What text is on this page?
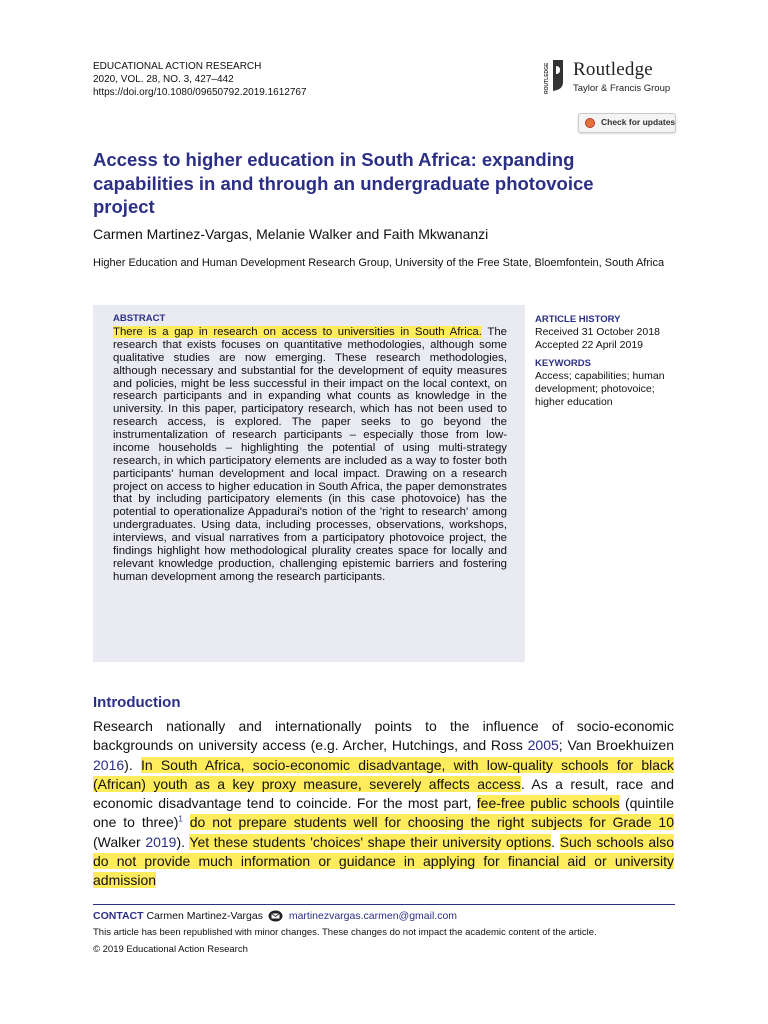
EDUCATIONAL ACTION RESEARCH
2020, VOL. 28, NO. 3, 427–442
https://doi.org/10.1080/09650792.2019.1612767	ROUTLEDGE Routledge
Taylor & Francis Group
Check for updates
Access to higher education in South Africa: expanding capabilities in and through an undergraduate photovoice project
Carmen Martinez-Vargas, Melanie Walker and Faith Mkwananzi
Higher Education and Human Development Research Group, University of the Free State, Bloemfontein, South Africa
ABSTRACT
There is a gap in research on access to universities in South Africa. The research that exists focuses on quantitative methodologies, although some qualitative studies are now emerging. These research methodologies, although necessary and substantial for the development of equity measures and policies, might be less successful in their impact on the local context, on research participants and in expanding what counts as knowledge in the university. In this paper, participatory research, which has not been used to research access, is explored. The paper seeks to go beyond the instrumentalization of research participants – especially those from low-income households – highlighting the potential of using multi-strategy research, in which participatory elements are included as a way to foster both participants' human development and local impact. Drawing on a research project on access to higher education in South Africa, the paper demonstrates that by including participatory elements (in this case photovoice) has the potential to operationalize Appadurai's notion of the 'right to research' among undergraduates. Using data, including processes, observations, workshops, interviews, and visual narratives from a participatory photovoice project, the findings highlight how methodological plurality creates space for locally and relevant knowledge production, challenging epistemic barriers and fostering human development among the research participants.
ARTICLE HISTORY
Received 31 October 2018
Accepted 22 April 2019
KEYWORDS
Access; capabilities; human development; photovoice; higher education
Introduction
Research nationally and internationally points to the influence of socio-economic backgrounds on university access (e.g. Archer, Hutchings, and Ross 2005; Van Broekhuizen 2016). In South Africa, socio-economic disadvantage, with low-quality schools for black (African) youth as a key proxy measure, severely affects access. As a result, race and economic disadvantage tend to coincide. For the most part, fee-free public schools (quintile one to three)$^1$ do not prepare students well for choosing the right subjects for Grade 10 (Walker 2019). Yet these students 'choices' shape their university options. Such schools also do not provide much information or guidance in applying for financial aid or university admission
CONTACT Carmen Martinez-Vargas martinezvargas.carmen@gmail.com
This article has been republished with minor changes. These changes do not impact the academic content of the article.
© 2019 Educational Action Research
